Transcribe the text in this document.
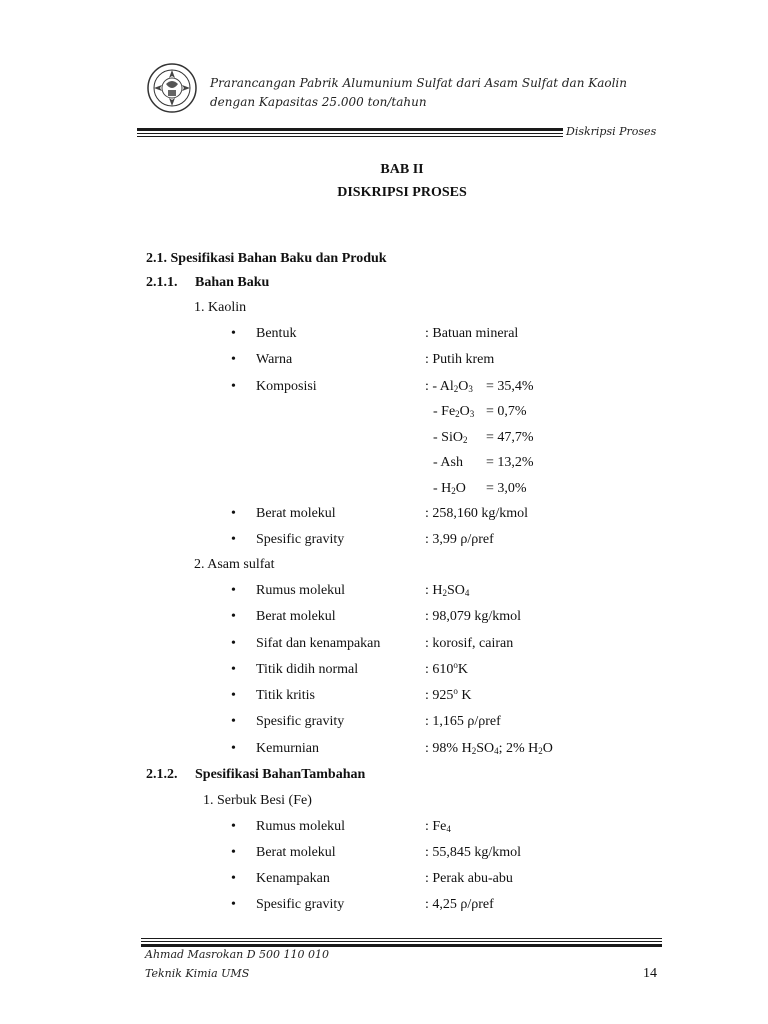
Prarancangan Pabrik Alumunium Sulfat dari Asam Sulfat dan Kaolin
dengan Kapasitas 25.000 ton/tahun
Diskripsi Proses
BAB II
DISKRIPSI PROSES
2.1. Spesifikasi Bahan Baku dan Produk
2.1.1. Bahan Baku
1. Kaolin
• Bentuk	: Batuan mineral
• Warna	: Putih krem
• Komposisi	: - $Al_2O_3 = 35,4\%$
- $Fe_2O_3 = 0,7\%$
- SiO$_2$ = 47,7%
- Ash = 13,2%
- $H_2O = 3,0\%$
• Berat molekul	: 258,160 kg/kmol
• Spesific gravity	: 3,99 ρ/ρref
2. Asam sulfat
• Rumus molekul	: $H_2SO_4$
• Berat molekul	: 98,079 kg/kmol
• Sifat dan kenampakan	: korosif, cairan
• Titik didih normal	: 610$^o$K
• Titik kritis	: 925$^o$ K
• Spesific gravity	: 1,165 ρ/ρref
• Kemurnian	: 98% $H_2SO_4$; 2% $H_2O$
2.1.2. Spesifikasi BahanTambahan
1. Serbuk Besi (Fe)
• Rumus molekul	: $Fe_4$
• Berat molekul	: 55,845 kg/kmol
• Kenampakan	: Perak abu-abu
• Spesific gravity	: 4,25 ρ/ρref
Ahmad Masrokan D 500 110 010
Teknik Kimia UMS	14
